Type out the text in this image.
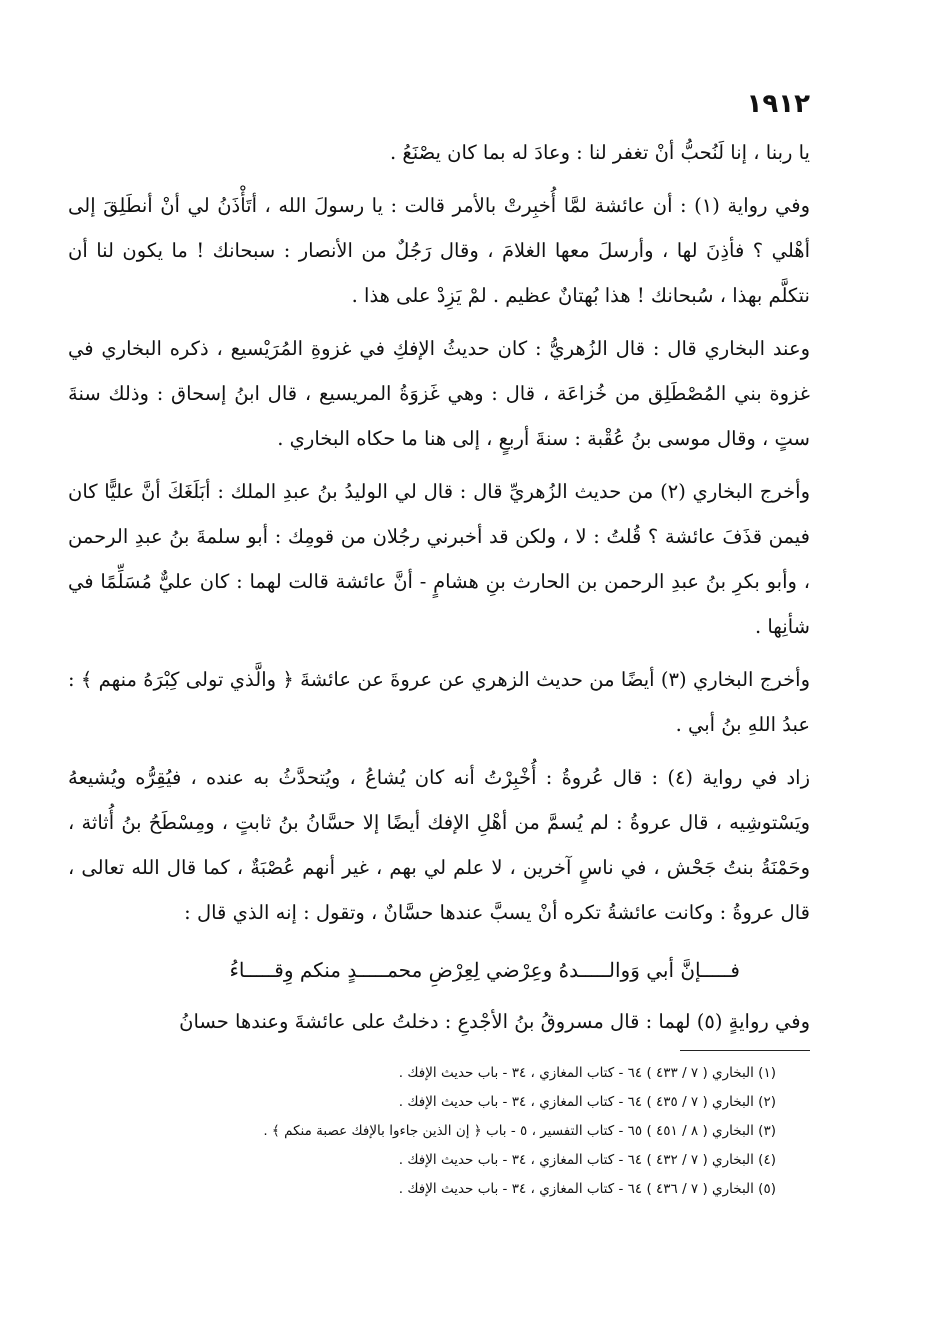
١٩١٢

يا ربنا ، إنا لَنُحبُّ أنْ تغفر لنا : وعادَ له بما كان يصْنَعُ .

وفي رواية (١) : أن عائشة لمَّا أُخبِرتْ بالأمر قالت : يا رسولَ الله ، أتَأْذَنُ لي أنْ أنطَلِقَ إلى أهْلي ؟ فأذِنَ لها ، وأرسلَ معها الغلامَ ، وقال رَجُلٌ من الأنصار : سبحانك ! ما يكون لنا أن نتكلَّم بهذا ، سُبحانك ! هذا بُهتانٌ عظيم . لمْ يَزِدْ على هذا .

وعند البخاري قال : قال الزُهريُّ : كان حديثُ الإفكِ في غزوةِ المُرَيْسيع ، ذكره البخاري في غزوة بني المُصْطَلِق من خُزاعَة ، قال : وهي غَزوَةُ المريسيع ، قال ابنُ إسحاق : وذلك سنةَ ستٍ ، وقال موسى بنُ عُقْبة : سنةَ أربعٍ ، إلى هنا ما حكاه البخاري .

وأخرج البخاري (٢) من حديث الزُهريِّ قال : قال لي الوليدُ بنُ عبدِ الملك : أبَلَغَكَ أنَّ عليًّا كان فيمن قذَفَ عائشة ؟ قُلتُ : لا ، ولكن قد أخبرني رجُلان من قومِك : أبو سلمةَ بنُ عبدِ الرحمن ، وأبو بكرِ بنُ عبدِ الرحمن بن الحارث بنِ هشامٍ - أنَّ عائشة قالت لهما : كان عليٌّ مُسَلِّمًا في شأنِها .

وأخرج البخاري (٣) أيضًا من حديث الزهري عن عروةَ عن عائشةَ ﴿ والَّذي تولى كِبْرَهُ منهم ﴾ : عبدُ اللهِ بنُ أبي .

زاد في رواية (٤) : قال عُروةُ : أُخْبِرْتُ أنه كان يُشاعُ ، ويُتحدَّثُ به عنده ، فيُقِرُّه ويُشيعهُ ويَسْتوشِيه ، قال عروةُ : لم يُسمَّ من أهْلِ الإفك أيضًا إلا حسَّانُ بنُ ثابتٍ ، ومِسْطَحُ بنُ أُثاثة ، وحَمْنَةُ بنتُ جَحْش ، في ناسٍ آخرين ، لا علم لي بهم ، غير أنهم عُصْبَةٌ ، كما قال الله تعالى ، قال عروةُ : وكانت عائشةُ تكره أنْ يسبَّ عندها حسَّانٌ ، وتقول : إنه الذي قال :

فـــــإنَّ أبي وَوالـــــدهُ وعِرْضي لِعِرْضِ محمـــــدٍ منكم وِقـــــاءُ

وفي روايةٍ (٥) لهما : قال مسروقُ بنُ الأجْدعِ : دخلتُ على عائشةَ وعندها حسانُ

(١) البخاري ( ٧ / ٤٣٣ ) ٦٤ - كتاب المغازي ، ٣٤ - باب حديث الإفك .
(٢) البخاري ( ٧ / ٤٣٥ ) ٦٤ - كتاب المغازي ، ٣٤ - باب حديث الإفك .
(٣) البخاري ( ٨ / ٤٥١ ) ٦٥ - كتاب التفسير ، ٥ - باب ﴿ إن الذين جاءوا بالإفك عصبة منكم ﴾ .
(٤) البخاري ( ٧ / ٤٣٢ ) ٦٤ - كتاب المغازي ، ٣٤ - باب حديث الإفك .
(٥) البخاري ( ٧ / ٤٣٦ ) ٦٤ - كتاب المغازي ، ٣٤ - باب حديث الإفك .
